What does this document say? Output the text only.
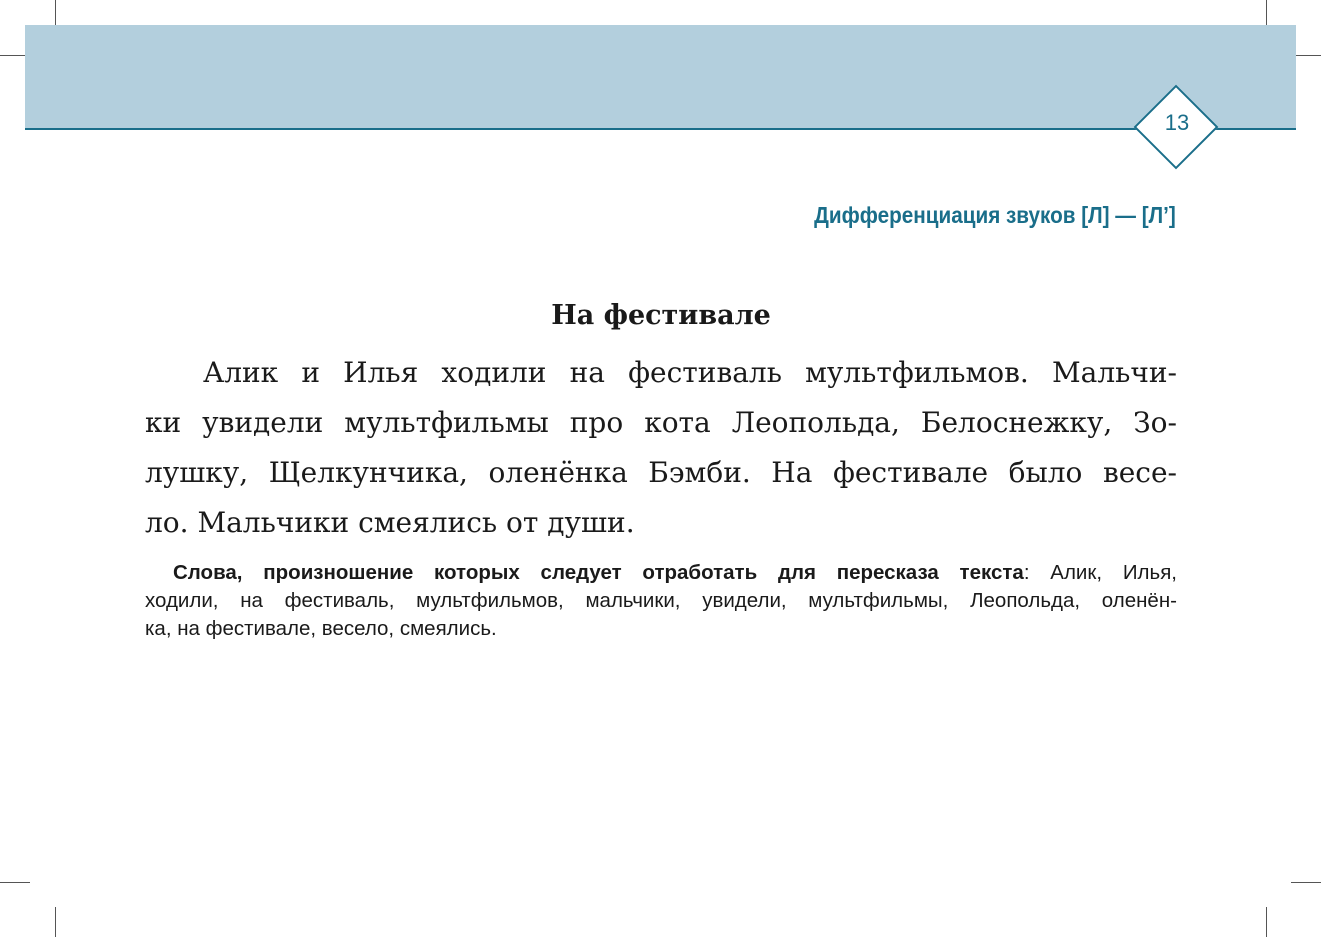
13
Дифференциация звуков [Л] — [Л’]
На фестивале
Алик и Илья ходили на фестиваль мультфильмов. Мальчи-
ки увидели мультфильмы про кота Леопольда, Белоснежку, Зо-
лушку, Щелкунчика, оленёнка Бэмби. На фестивале было весе-
ло. Мальчики смеялись от души.
Слова, произношение которых следует отработать для пересказа текста: Алик, Илья,
ходили, на фестиваль, мультфильмов, мальчики, увидели, мультфильмы, Леопольда, оленён-
ка, на фестивале, весело, смеялись.
